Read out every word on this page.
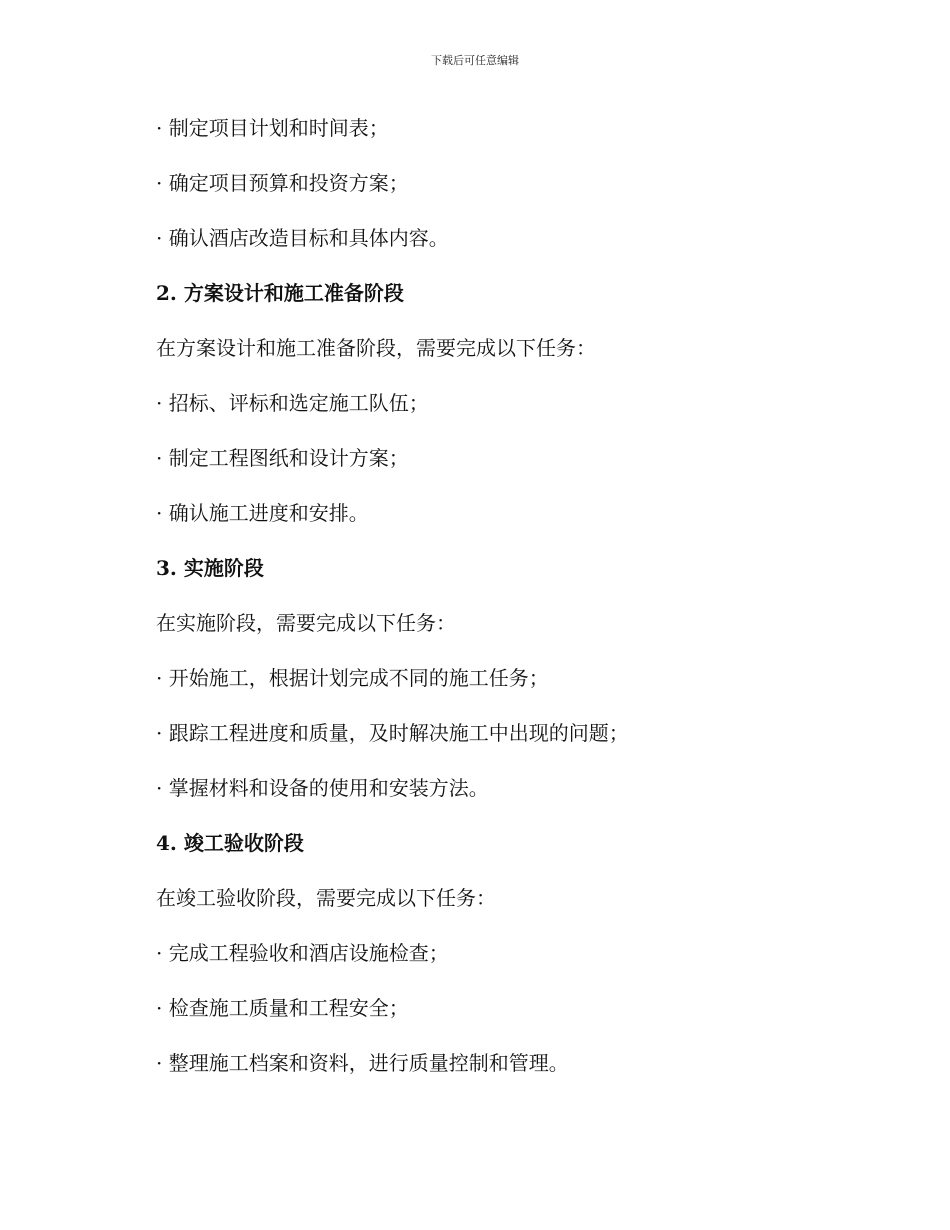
下载后可任意编辑
· 制定项目计划和时间表；
· 确定项目预算和投资方案；
· 确认酒店改造目标和具体内容。
2. 方案设计和施工准备阶段
在方案设计和施工准备阶段，需要完成以下任务：
· 招标、评标和选定施工队伍；
· 制定工程图纸和设计方案；
· 确认施工进度和安排。
3. 实施阶段
在实施阶段，需要完成以下任务：
· 开始施工，根据计划完成不同的施工任务；
· 跟踪工程进度和质量，及时解决施工中出现的问题；
· 掌握材料和设备的使用和安装方法。
4. 竣工验收阶段
在竣工验收阶段，需要完成以下任务：
· 完成工程验收和酒店设施检查；
· 检查施工质量和工程安全；
· 整理施工档案和资料，进行质量控制和管理。
